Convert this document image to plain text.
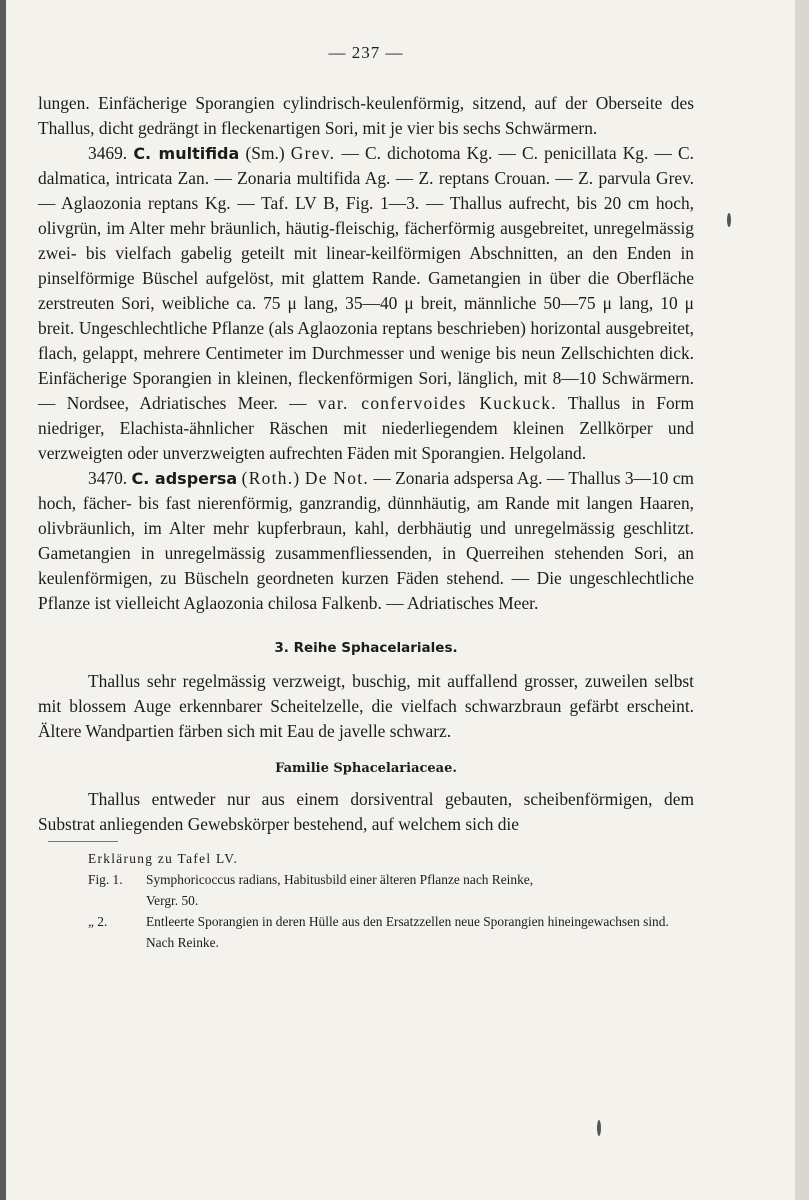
— 237 —

lungen. Einfächerige Sporangien cylindrisch-keulenförmig, sitzend, auf der Oberseite des Thallus, dicht gedrängt in fleckenartigen Sori, mit je vier bis sechs Schwärmern.

3469. C. multifida (Sm.) Grev. — C. dichotoma Kg. — C. penicillata Kg. — C. dalmatica, intricata Zan. — Zonaria multifida Ag. — Z. reptans Crouan. — Z. parvula Grev. — Aglaozonia reptans Kg. — Taf. LV B, Fig. 1—3. — Thallus aufrecht, bis 20 cm hoch, olivgrün, im Alter mehr bräunlich, häutig-fleischig, fächerförmig ausgebreitet, unregelmässig zwei- bis vielfach gabelig geteilt mit linear-keilförmigen Abschnitten, an den Enden in pinselförmige Büschel aufgelöst, mit glattem Rande. Gametangien in über die Oberfläche zerstreuten Sori, weibliche ca. 75 μ lang, 35—40 μ breit, männliche 50—75 μ lang, 10 μ breit. Ungeschlechtliche Pflanze (als Aglaozonia reptans beschrieben) horizontal ausgebreitet, flach, gelappt, mehrere Centimeter im Durchmesser und wenige bis neun Zellschichten dick. Einfächerige Sporangien in kleinen, fleckenförmigen Sori, länglich, mit 8—10 Schwärmern. — Nordsee, Adriatisches Meer. — var. confervoides Kuckuck. Thallus in Form niedriger, Elachista-ähnlicher Räschen mit niederliegendem kleinen Zellkörper und verzweigten oder unverzweigten aufrechten Fäden mit Sporangien. Helgoland.

3470. C. adspersa (Roth.) De Not. — Zonaria adspersa Ag. — Thallus 3—10 cm hoch, fächer- bis fast nierenförmig, ganzrandig, dünnhäutig, am Rande mit langen Haaren, olivbräunlich, im Alter mehr kupferbraun, kahl, derbhäutig und unregelmässig geschlitzt. Gametangien in unregelmässig zusammenfliessenden, in Querreihen stehenden Sori, an keulenförmigen, zu Büscheln geordneten kurzen Fäden stehend. — Die ungeschlechtliche Pflanze ist vielleicht Aglaozonia chilosa Falkenb. — Adriatisches Meer.

3. Reihe Sphacelariales.

Thallus sehr regelmässig verzweigt, buschig, mit auffallend grosser, zuweilen selbst mit blossem Auge erkennbarer Scheitelzelle, die vielfach schwarzbraun gefärbt erscheint. Ältere Wandpartien färben sich mit Eau de javelle schwarz.

Familie Sphacelariaceae.

Thallus entweder nur aus einem dorsiventral gebauten, scheibenförmigen, dem Substrat anliegenden Gewebskörper bestehend, auf welchem sich die

Erklärung zu Tafel LV.
Fig. 1.	Symphoricoccus radians, Habitusbild einer älteren Pflanze nach Reinke,
Vergr. 50.
„ 2.	Entleerte Sporangien in deren Hülle aus den Ersatzzellen neue Sporangien hineingewachsen sind. Nach Reinke.
